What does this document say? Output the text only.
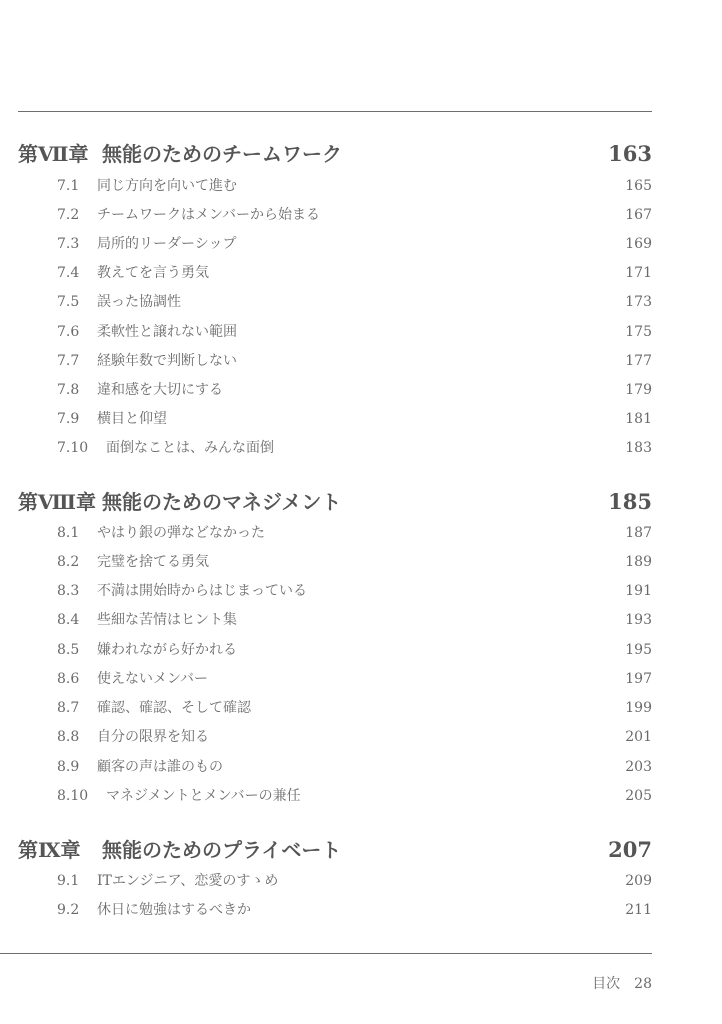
第Ⅶ章 無能のためのチームワーク	163
7.1 同じ方向を向いて進む	165
7.2 チームワークはメンバーから始まる	167
7.3 局所的リーダーシップ	169
7.4 教えてを言う勇気	171
7.5 誤った協調性	173
7.6 柔軟性と譲れない範囲	175
7.7 経験年数で判断しない	177
7.8 違和感を大切にする	179
7.9 横目と仰望	181
7.10 面倒なことは、みんな面倒	183
第Ⅷ章 無能のためのマネジメント	185
8.1 やはり銀の弾などなかった	187
8.2 完璧を捨てる勇気	189
8.3 不満は開始時からはじまっている	191
8.4 些細な苦情はヒント集	193
8.5 嫌われながら好かれる	195
8.6 使えないメンバー	197
8.7 確認、確認、そして確認	199
8.8 自分の限界を知る	201
8.9 顧客の声は誰のもの	203
8.10 マネジメントとメンバーの兼任	205
第Ⅸ章 無能のためのプライベート	207
9.1 ITエンジニア、恋愛のすゝめ	209
9.2 休日に勉強はするべきか	211
目次 28
